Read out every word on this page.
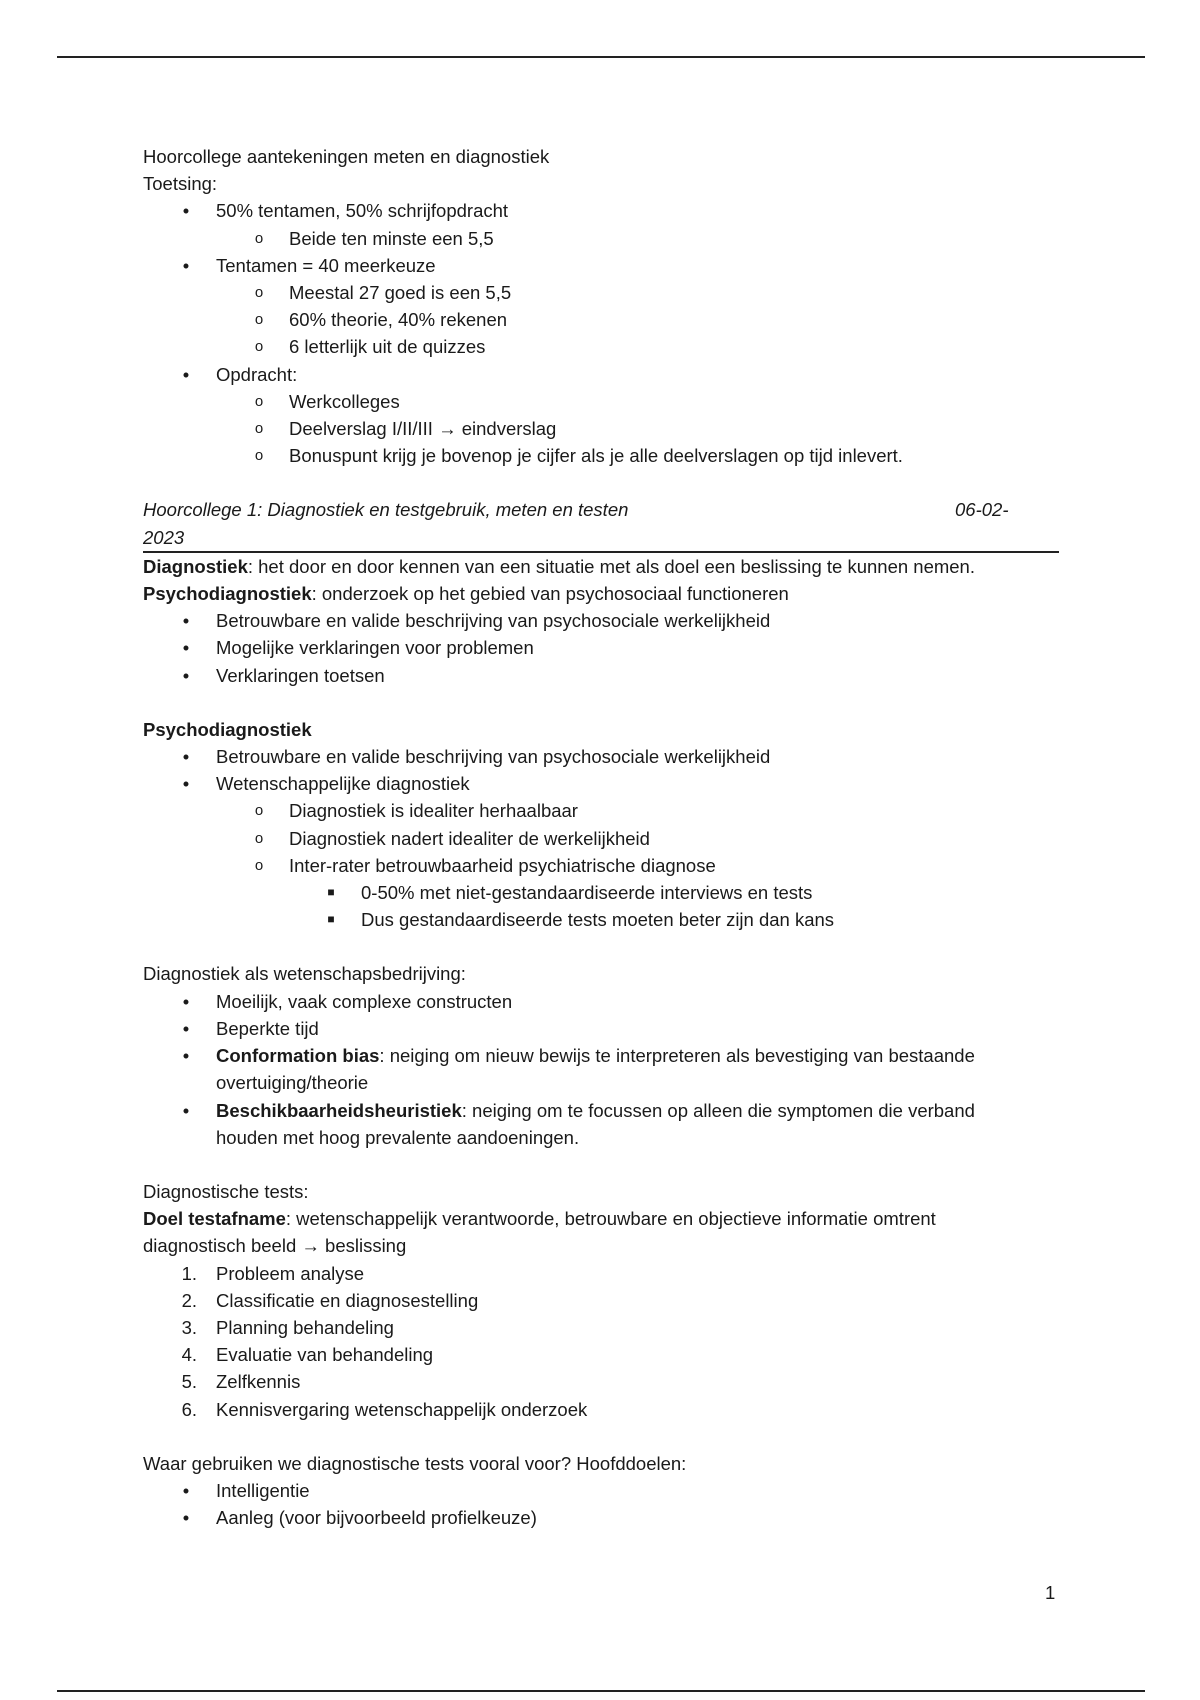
Hoorcollege aantekeningen meten en diagnostiek

Toetsing:

•	50% tentamen, 50% schrijfopdracht
o	Beide ten minste een 5,5
•	Tentamen = 40 meerkeuze
o	Meestal 27 goed is een 5,5
o	60% theorie, 40% rekenen
o	6 letterlijk uit de quizzes
•	Opdracht:
o	Werkcolleges
o	Deelverslag I/II/III → eindverslag
o	Bonuspunt krijg je bovenop je cijfer als je alle deelverslagen op tijd inlevert.
Hoorcollege 1: Diagnostiek en testgebruik, meten en testen	06-02-
2023

Diagnostiek: het door en door kennen van een situatie met als doel een beslissing te kunnen nemen.

Psychodiagnostiek: onderzoek op het gebied van psychosociaal functioneren

•	Betrouwbare en valide beschrijving van psychosociale werkelijkheid
•	Mogelijke verklaringen voor problemen
•	Verklaringen toetsen

Psychodiagnostiek

•	Betrouwbare en valide beschrijving van psychosociale werkelijkheid
•	Wetenschappelijke diagnostiek
o	Diagnostiek is idealiter herhaalbaar
o	Diagnostiek nadert idealiter de werkelijkheid
o	Inter-rater betrouwbaarheid psychiatrische diagnose
■	0-50% met niet-gestandaardiseerde interviews en tests
■	Dus gestandaardiseerde tests moeten beter zijn dan kans

Diagnostiek als wetenschapsbedrijving:

•	Moeilijk, vaak complexe constructen
•	Beperkte tijd
•	Conformation bias: neiging om nieuw bewijs te interpreteren als bevestiging van bestaande
overtuiging/theorie
•	Beschikbaarheidsheuristiek: neiging om te focussen op alleen die symptomen die verband
houden met hoog prevalente aandoeningen.

Diagnostische tests:

Doel testafname: wetenschappelijk verantwoorde, betrouwbare en objectieve informatie omtrent
diagnostisch beeld → beslissing

1. Probleem analyse
2. Classificatie en diagnosestelling
3. Planning behandeling
4. Evaluatie van behandeling
5. Zelfkennis
6. Kennisvergaring wetenschappelijk onderzoek

Waar gebruiken we diagnostische tests vooral voor? Hoofddoelen:

•	Intelligentie
•	Aanleg (voor bijvoorbeeld profielkeuze)
1
